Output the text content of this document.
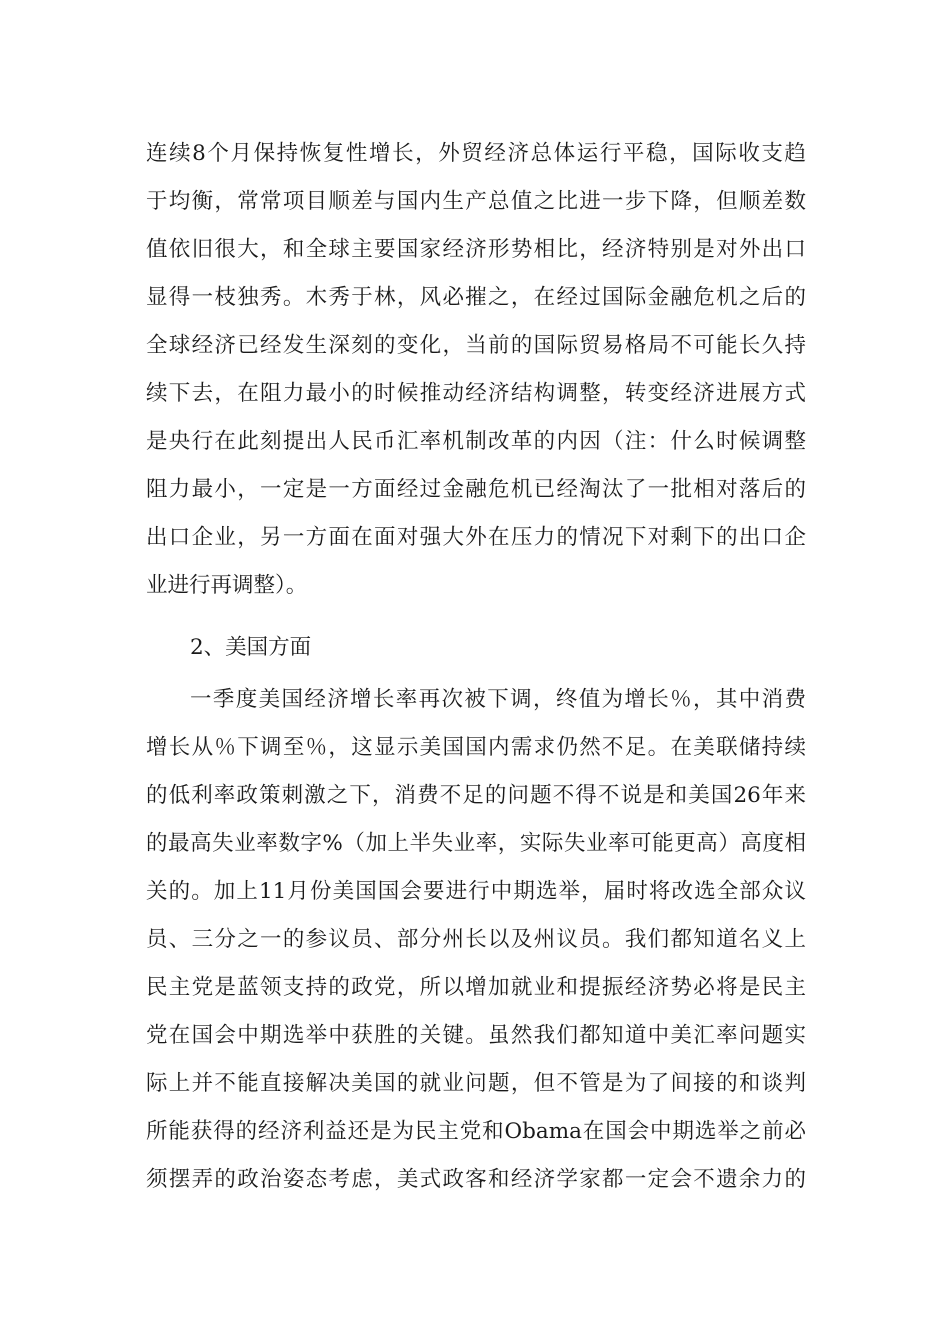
连续8个月保持恢复性增长，外贸经济总体运行平稳，国际收支趋
于均衡，常常项目顺差与国内生产总值之比进一步下降，但顺差数
值依旧很大，和全球主要国家经济形势相比，经济特别是对外出口
显得一枝独秀。木秀于林，风必摧之，在经过国际金融危机之后的
全球经济已经发生深刻的变化，当前的国际贸易格局不可能长久持
续下去，在阻力最小的时候推动经济结构调整，转变经济进展方式
是央行在此刻提出人民币汇率机制改革的内因（注：什么时候调整
阻力最小，一定是一方面经过金融危机已经淘汰了一批相对落后的
出口企业，另一方面在面对强大外在压力的情况下对剩下的出口企
业进行再调整）。
2、美国方面
一季度美国经济增长率再次被下调，终值为增长％，其中消费
增长从％下调至％，这显示美国国内需求仍然不足。在美联储持续
的低利率政策刺激之下，消费不足的问题不得不说是和美国26年来
的最高失业率数字%（加上半失业率，实际失业率可能更高）高度相
关的。加上11月份美国国会要进行中期选举，届时将改选全部众议
员、三分之一的参议员、部分州长以及州议员。我们都知道名义上
民主党是蓝领支持的政党，所以增加就业和提振经济势必将是民主
党在国会中期选举中获胜的关键。虽然我们都知道中美汇率问题实
际上并不能直接解决美国的就业问题，但不管是为了间接的和谈判
所能获得的经济利益还是为民主党和Obama在国会中期选举之前必
须摆弄的政治姿态考虑，美式政客和经济学家都一定会不遗余力的
